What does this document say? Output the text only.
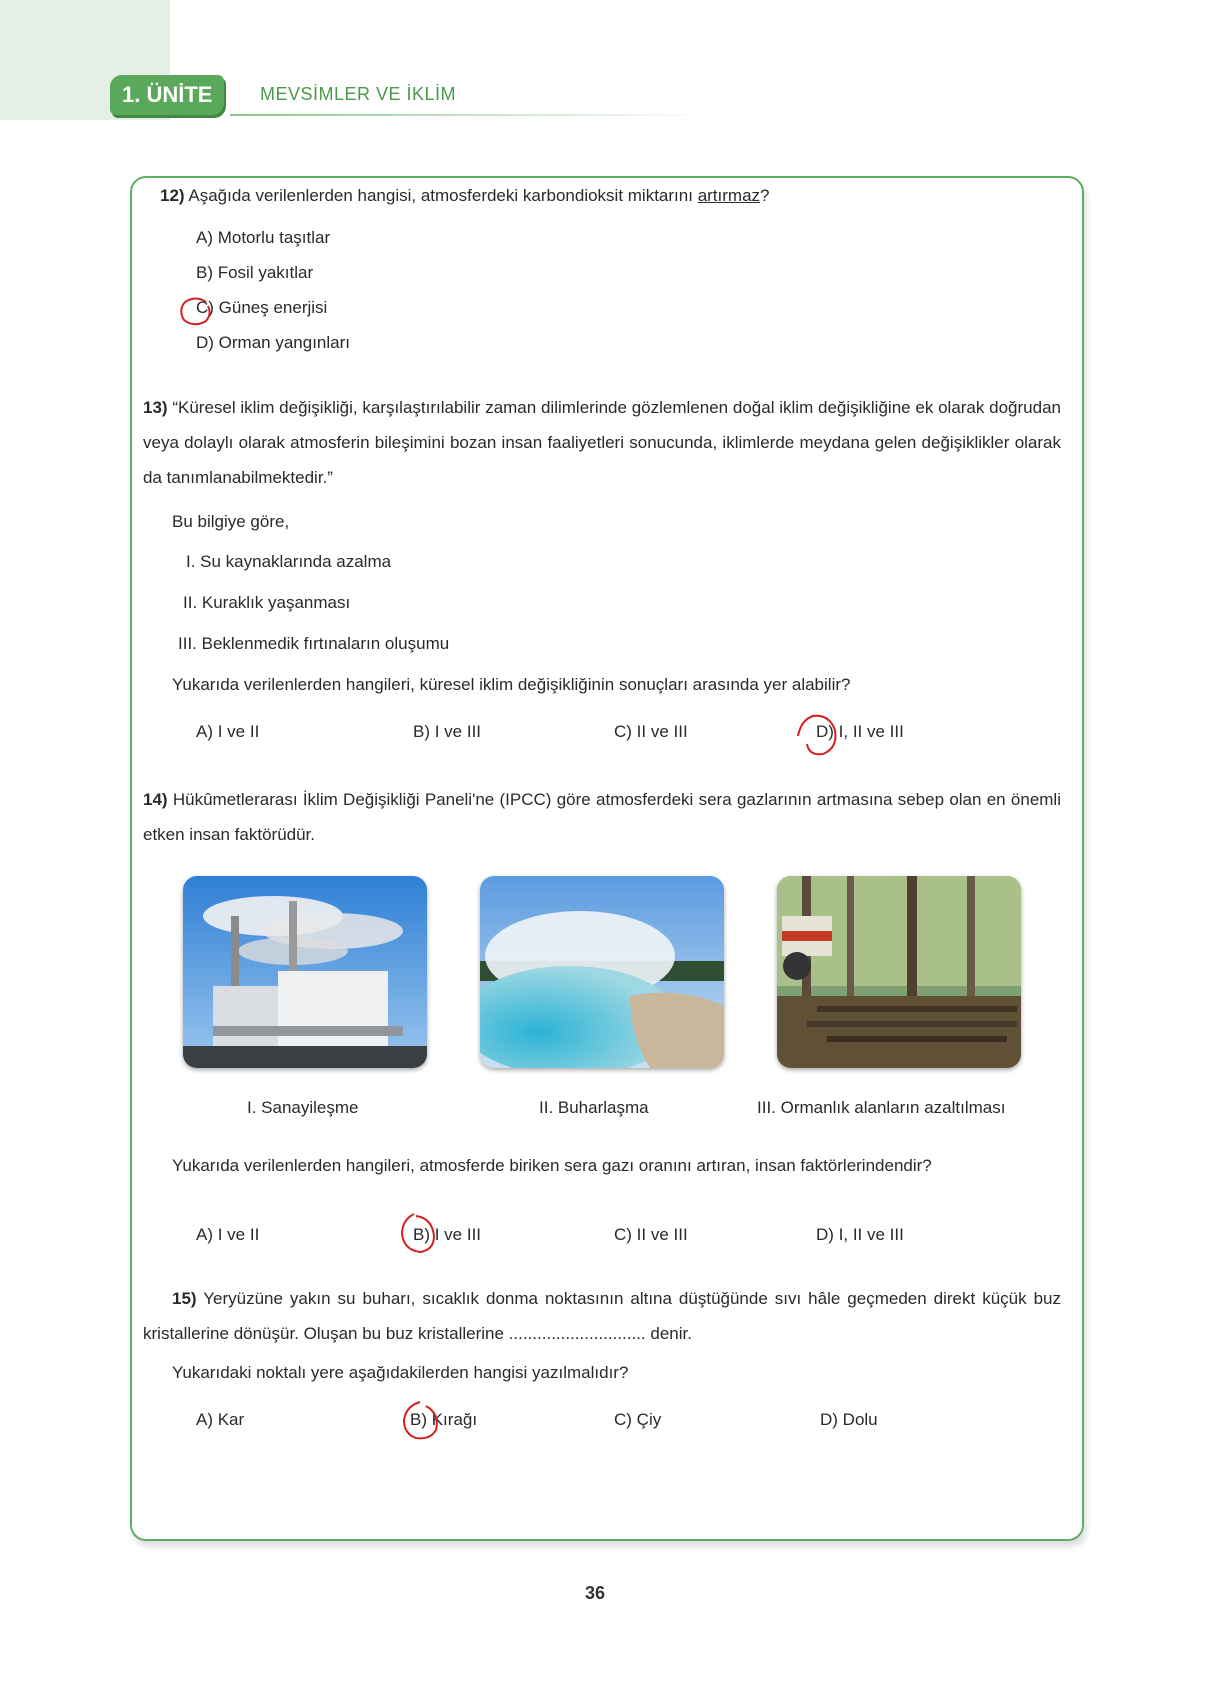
1. ÜNİTE	MEVSİMLER VE İKLİM
12) Aşağıda verilenlerden hangisi, atmosferdeki karbondioksit miktarını artırmaz?
A) Motorlu taşıtlar
B) Fosil yakıtlar
C) Güneş enerjisi
D) Orman yangınları
13) “Küresel iklim değişikliği, karşılaştırılabilir zaman dilimlerinde gözlemlenen doğal iklim değişikliğine ek olarak doğrudan veya dolaylı olarak atmosferin bileşimini bozan insan faaliyetleri sonucunda, iklimlerde meydana gelen değişiklikler olarak da tanımlanabilmektedir.”
Bu bilgiye göre,
I. Su kaynaklarında azalma
II. Kuraklık yaşanması
III. Beklenmedik fırtınaların oluşumu
Yukarıda verilenlerden hangileri, küresel iklim değişikliğinin sonuçları arasında yer alabilir?
A) I ve II	B) I ve III	C) II ve III	D) I, II ve III
14) Hükûmetlerarası İklim Değişikliği Paneli'ne (IPCC) göre atmosferdeki sera gazlarının artmasına sebep olan en önemli etken insan faktörüdür.
I. Sanayileşme	II. Buharlaşma	III. Ormanlık alanların azaltılması
Yukarıda verilenlerden hangileri, atmosferde biriken sera gazı oranını artıran, insan faktörlerindendir?
A) I ve II	B) I ve III	C) II ve III	D) I, II ve III
15) Yeryüzüne yakın su buharı, sıcaklık donma noktasının altına düştüğünde sıvı hâle geçmeden direkt küçük buz kristallerine dönüşür. Oluşan bu buz kristallerine ............................. denir.
Yukarıdaki noktalı yere aşağıdakilerden hangisi yazılmalıdır?
A) Kar	B) Kırağı	C) Çiy	D) Dolu
36
